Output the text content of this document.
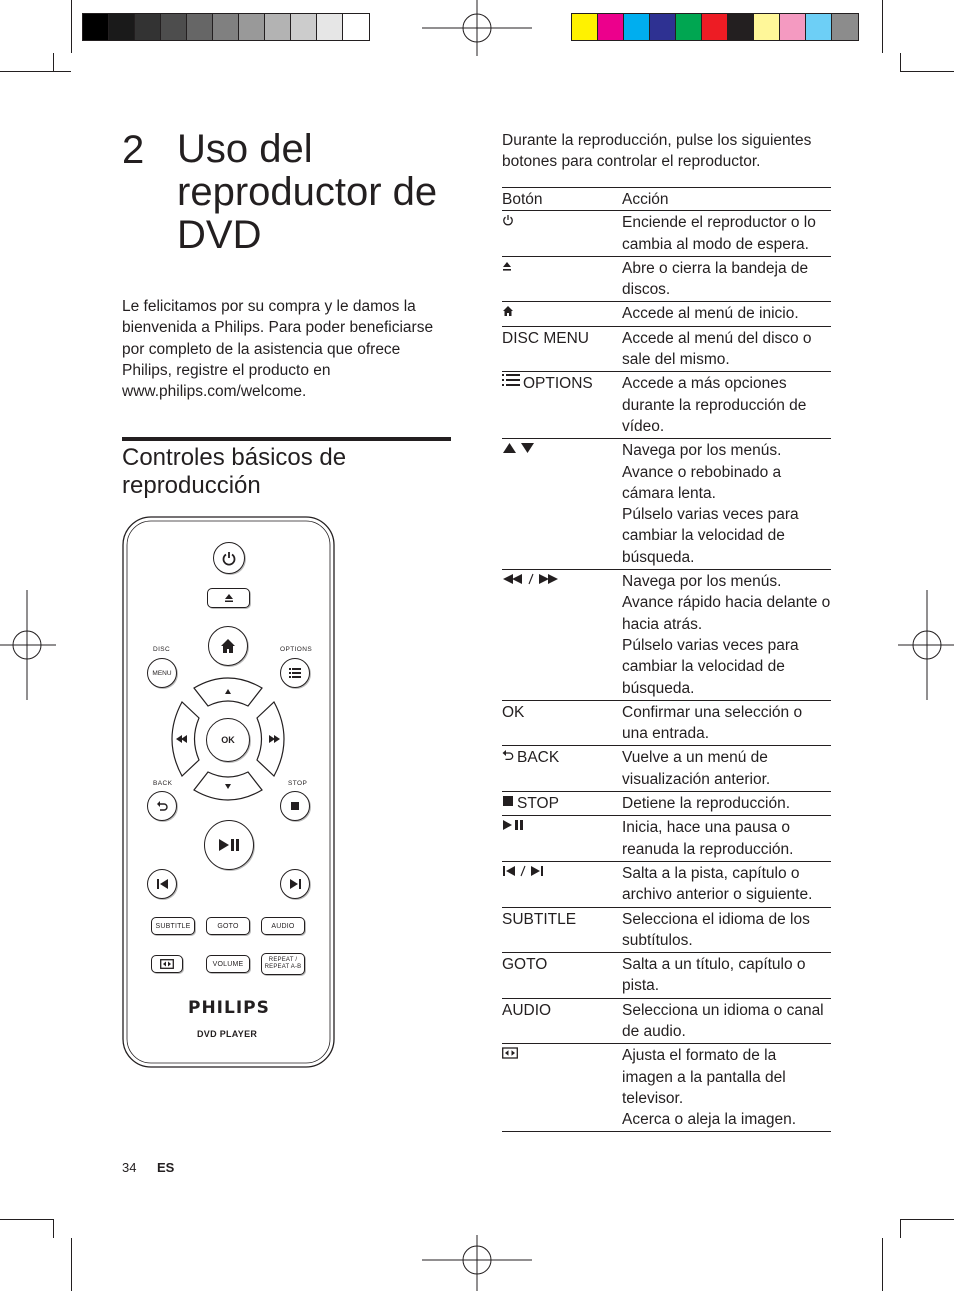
2 Uso del reproductor de DVD
Le felicitamos por su compra y le damos la bienvenida a Philips. Para poder beneficiarse por completo de la asistencia que ofrece Philips, registre el producto en www.philips.com/welcome.
Controles básicos de reproducción
DISC
MENU
OPTIONS
OK
BACK	STOP
SUBTITLE	GOTO	AUDIO
VOLUME
REPEAT /
REPEAT A-B
PHILIPS
DVD PLAYER
Durante la reproducción, pulse los siguientes botones para controlar el reproductor.
Botón	Acción
	Enciende el reproductor o lo cambia al modo de espera.
	Abre o cierra la bandeja de discos.
	Accede al menú de inicio.
DISC MENU	Accede al menú del disco o sale del mismo.
OPTIONS	Accede a más opciones durante la reproducción de vídeo.
	Navega por los menús.
Avance o rebobinado a cámara lenta.
Púlselo varias veces para cambiar la velocidad de búsqueda.
	Navega por los menús.
Avance rápido hacia delante o hacia atrás.
Púlselo varias veces para cambiar la velocidad de búsqueda.
OK	Confirmar una selección o una entrada.
BACK	Vuelve a un menú de visualización anterior.
STOP	Detiene la reproducción.
	Inicia, hace una pausa o reanuda la reproducción.
	Salta a la pista, capítulo o archivo anterior o siguiente.
SUBTITLE	Selecciona el idioma de los subtítulos.
GOTO	Salta a un título, capítulo o pista.
AUDIO	Selecciona un idioma o canal de audio.
	Ajusta el formato de la imagen a la pantalla del televisor.
Acerca o aleja la imagen.
34 ES
